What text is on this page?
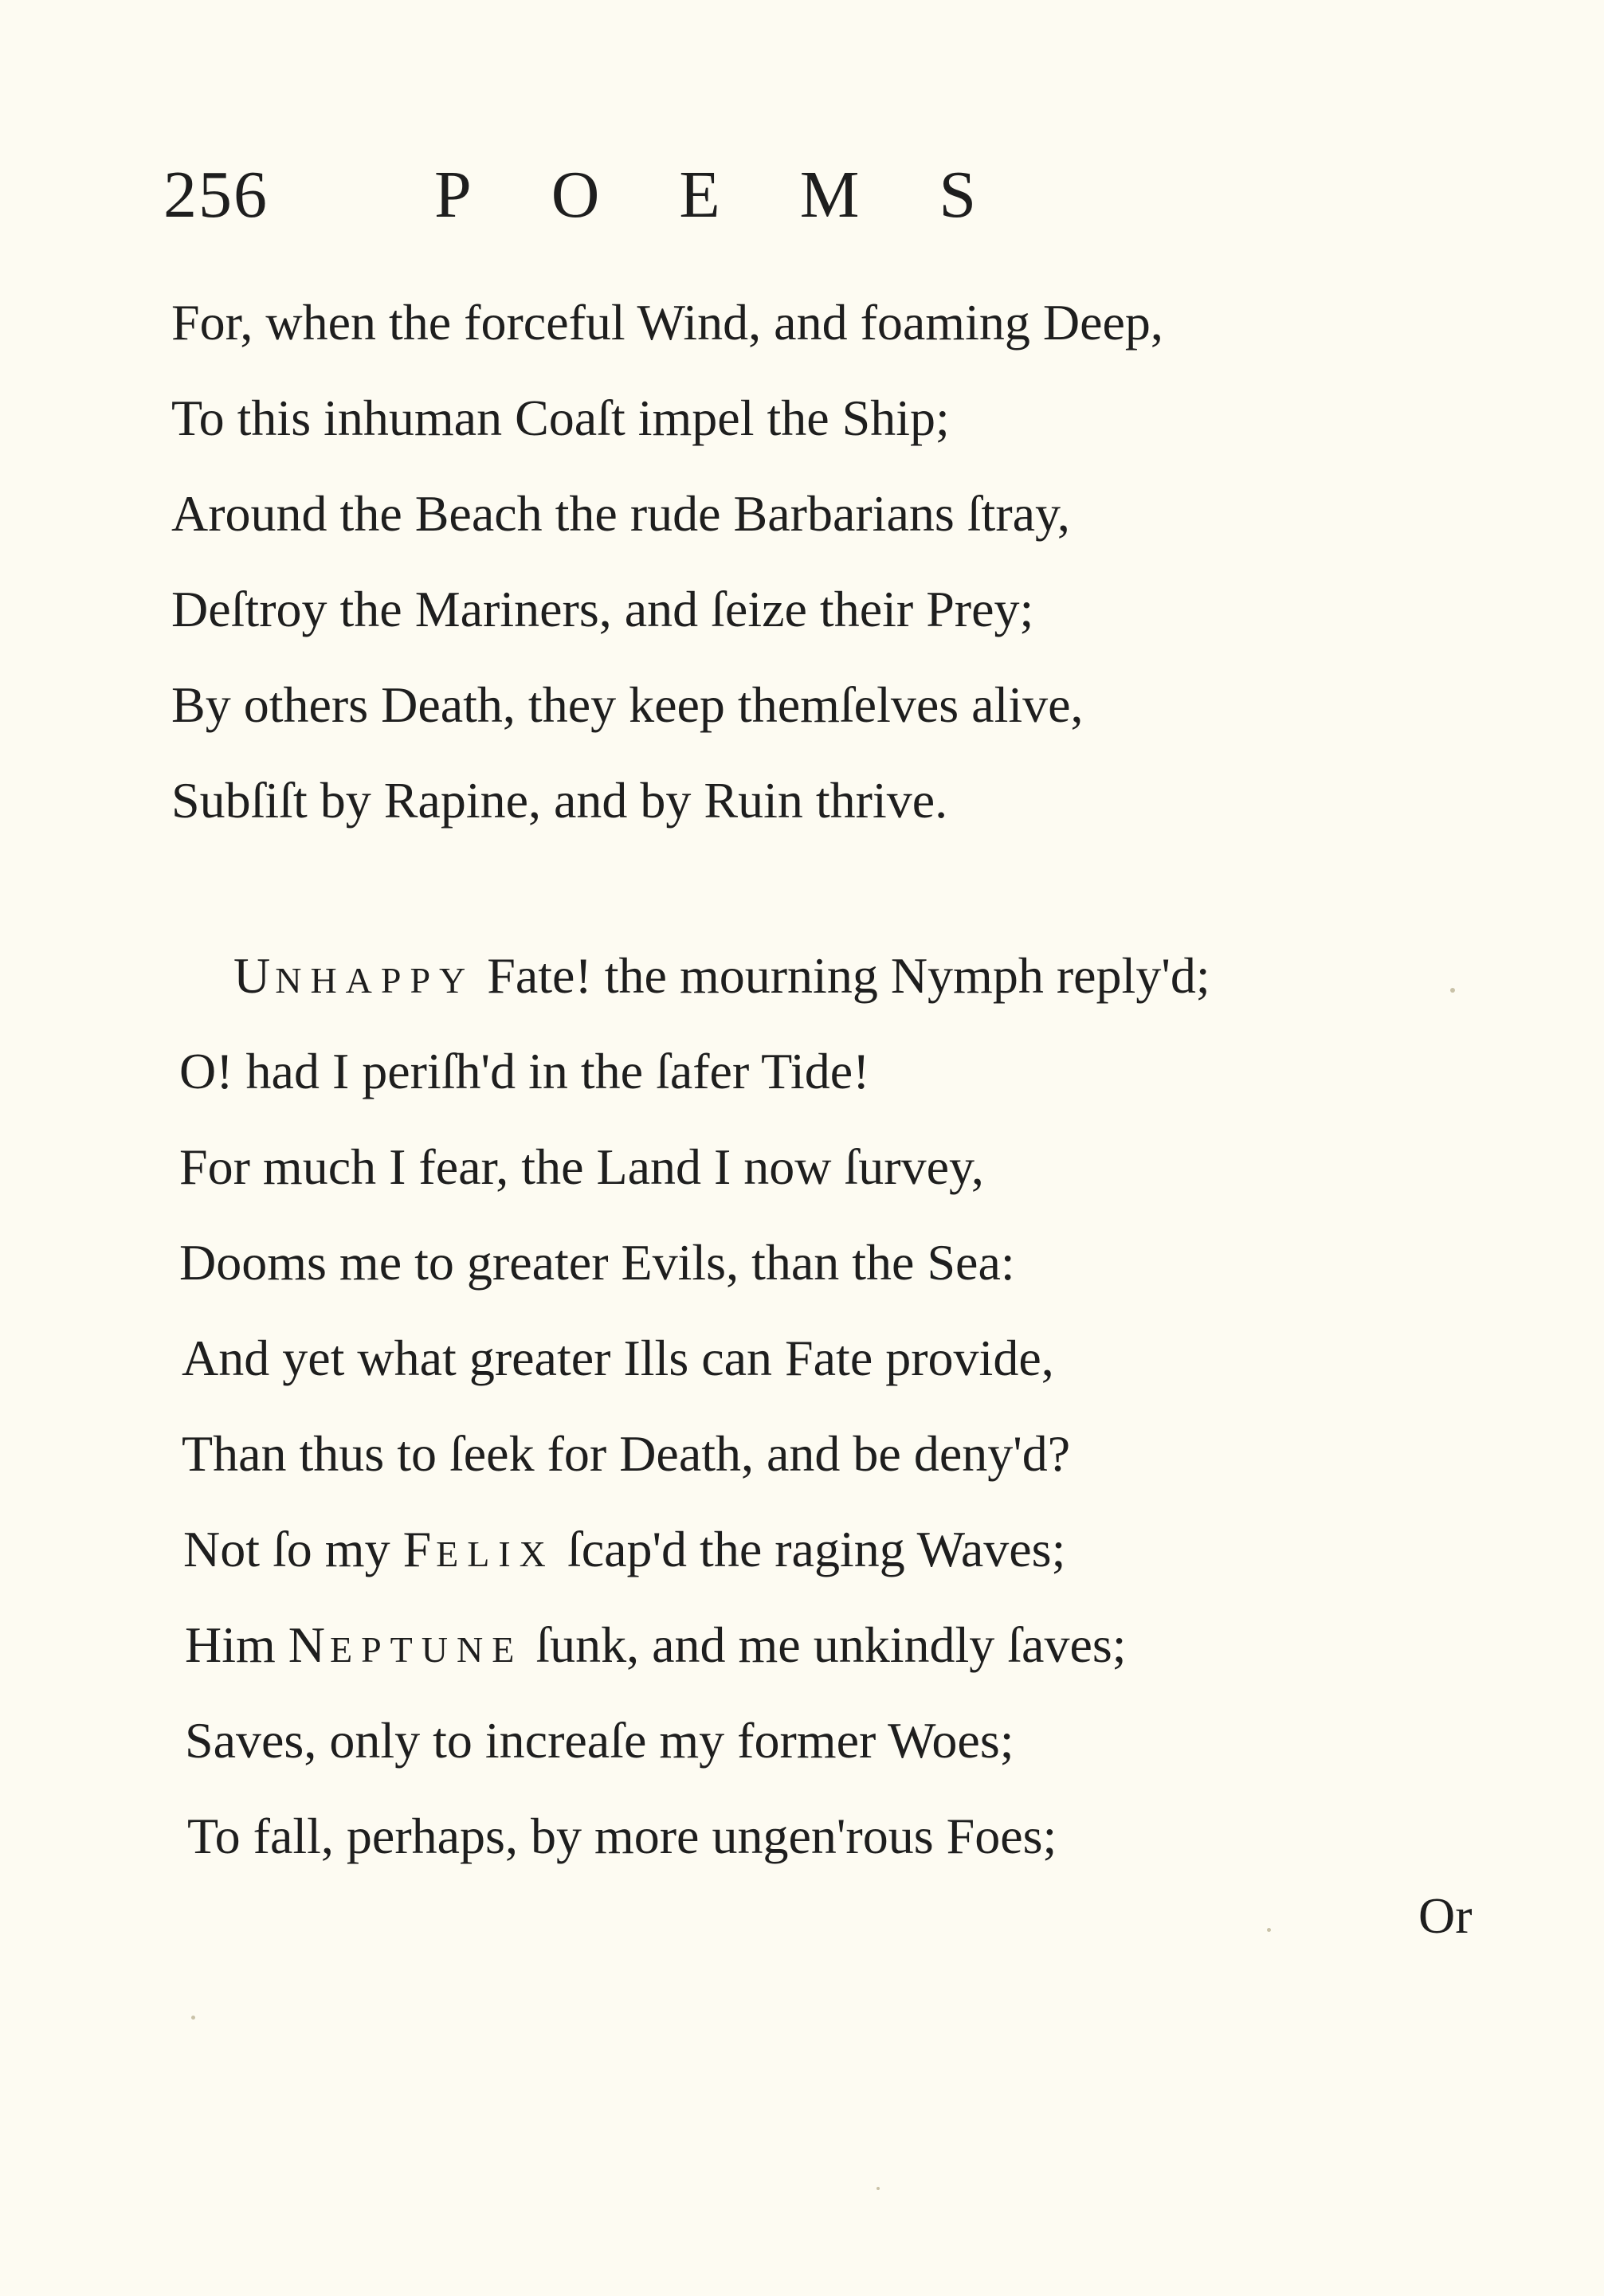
256 POEMS
For, when the forceful Wind, and foaming Deep,
To this inhuman Coaſt impel the Ship;
Around the Beach the rude Barbarians ſtray,
Deſtroy the Mariners, and ſeize their Prey;
By others Death, they keep themſelves alive,
Subſiſt by Rapine, and by Ruin thrive.
UNHAPPY Fate! the mourning Nymph reply'd;
O! had I periſh'd in the ſafer Tide!
For much I fear, the Land I now ſurvey,
Dooms me to greater Evils, than the Sea:
And yet what greater Ills can Fate provide,
Than thus to ſeek for Death, and be deny'd?
Not ſo my FELIX ſcap'd the raging Waves;
Him NEPTUNE ſunk, and me unkindly ſaves;
Saves, only to increaſe my former Woes;
To fall, perhaps, by more ungen'rous Foes;
Or
